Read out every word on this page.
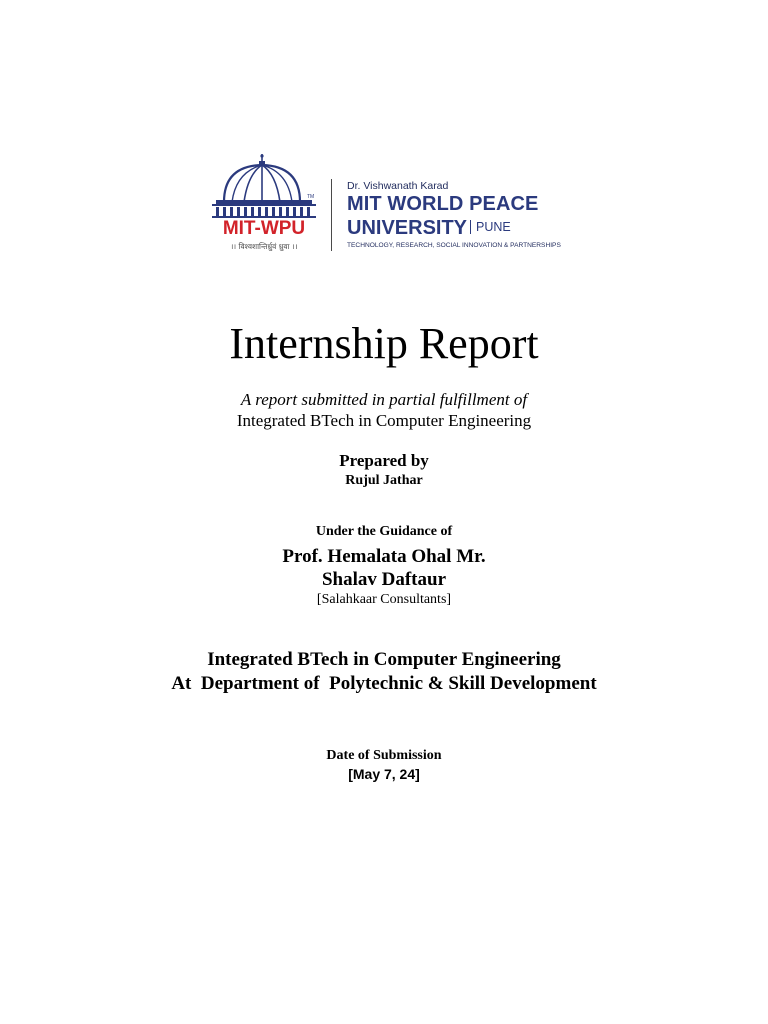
TM
MIT-WPU
।। विश्वशान्तिर्ध्रुवं ध्रुवा ।।
Dr. Vishwanath Karad
MIT WORLD PEACE
UNIVERSITY PUNE
TECHNOLOGY, RESEARCH, SOCIAL INNOVATION & PARTNERSHIPS
Internship Report
A report submitted in partial fulfillment of
Integrated BTech in Computer Engineering
Prepared by
Rujul Jathar
Under the Guidance of
Prof. Hemalata Ohal Mr.
Shalav Daftaur
[Salahkaar Consultants]
Integrated BTech in Computer Engineering
At  Department of  Polytechnic & Skill Development
Date of Submission
[May 7, 24]
